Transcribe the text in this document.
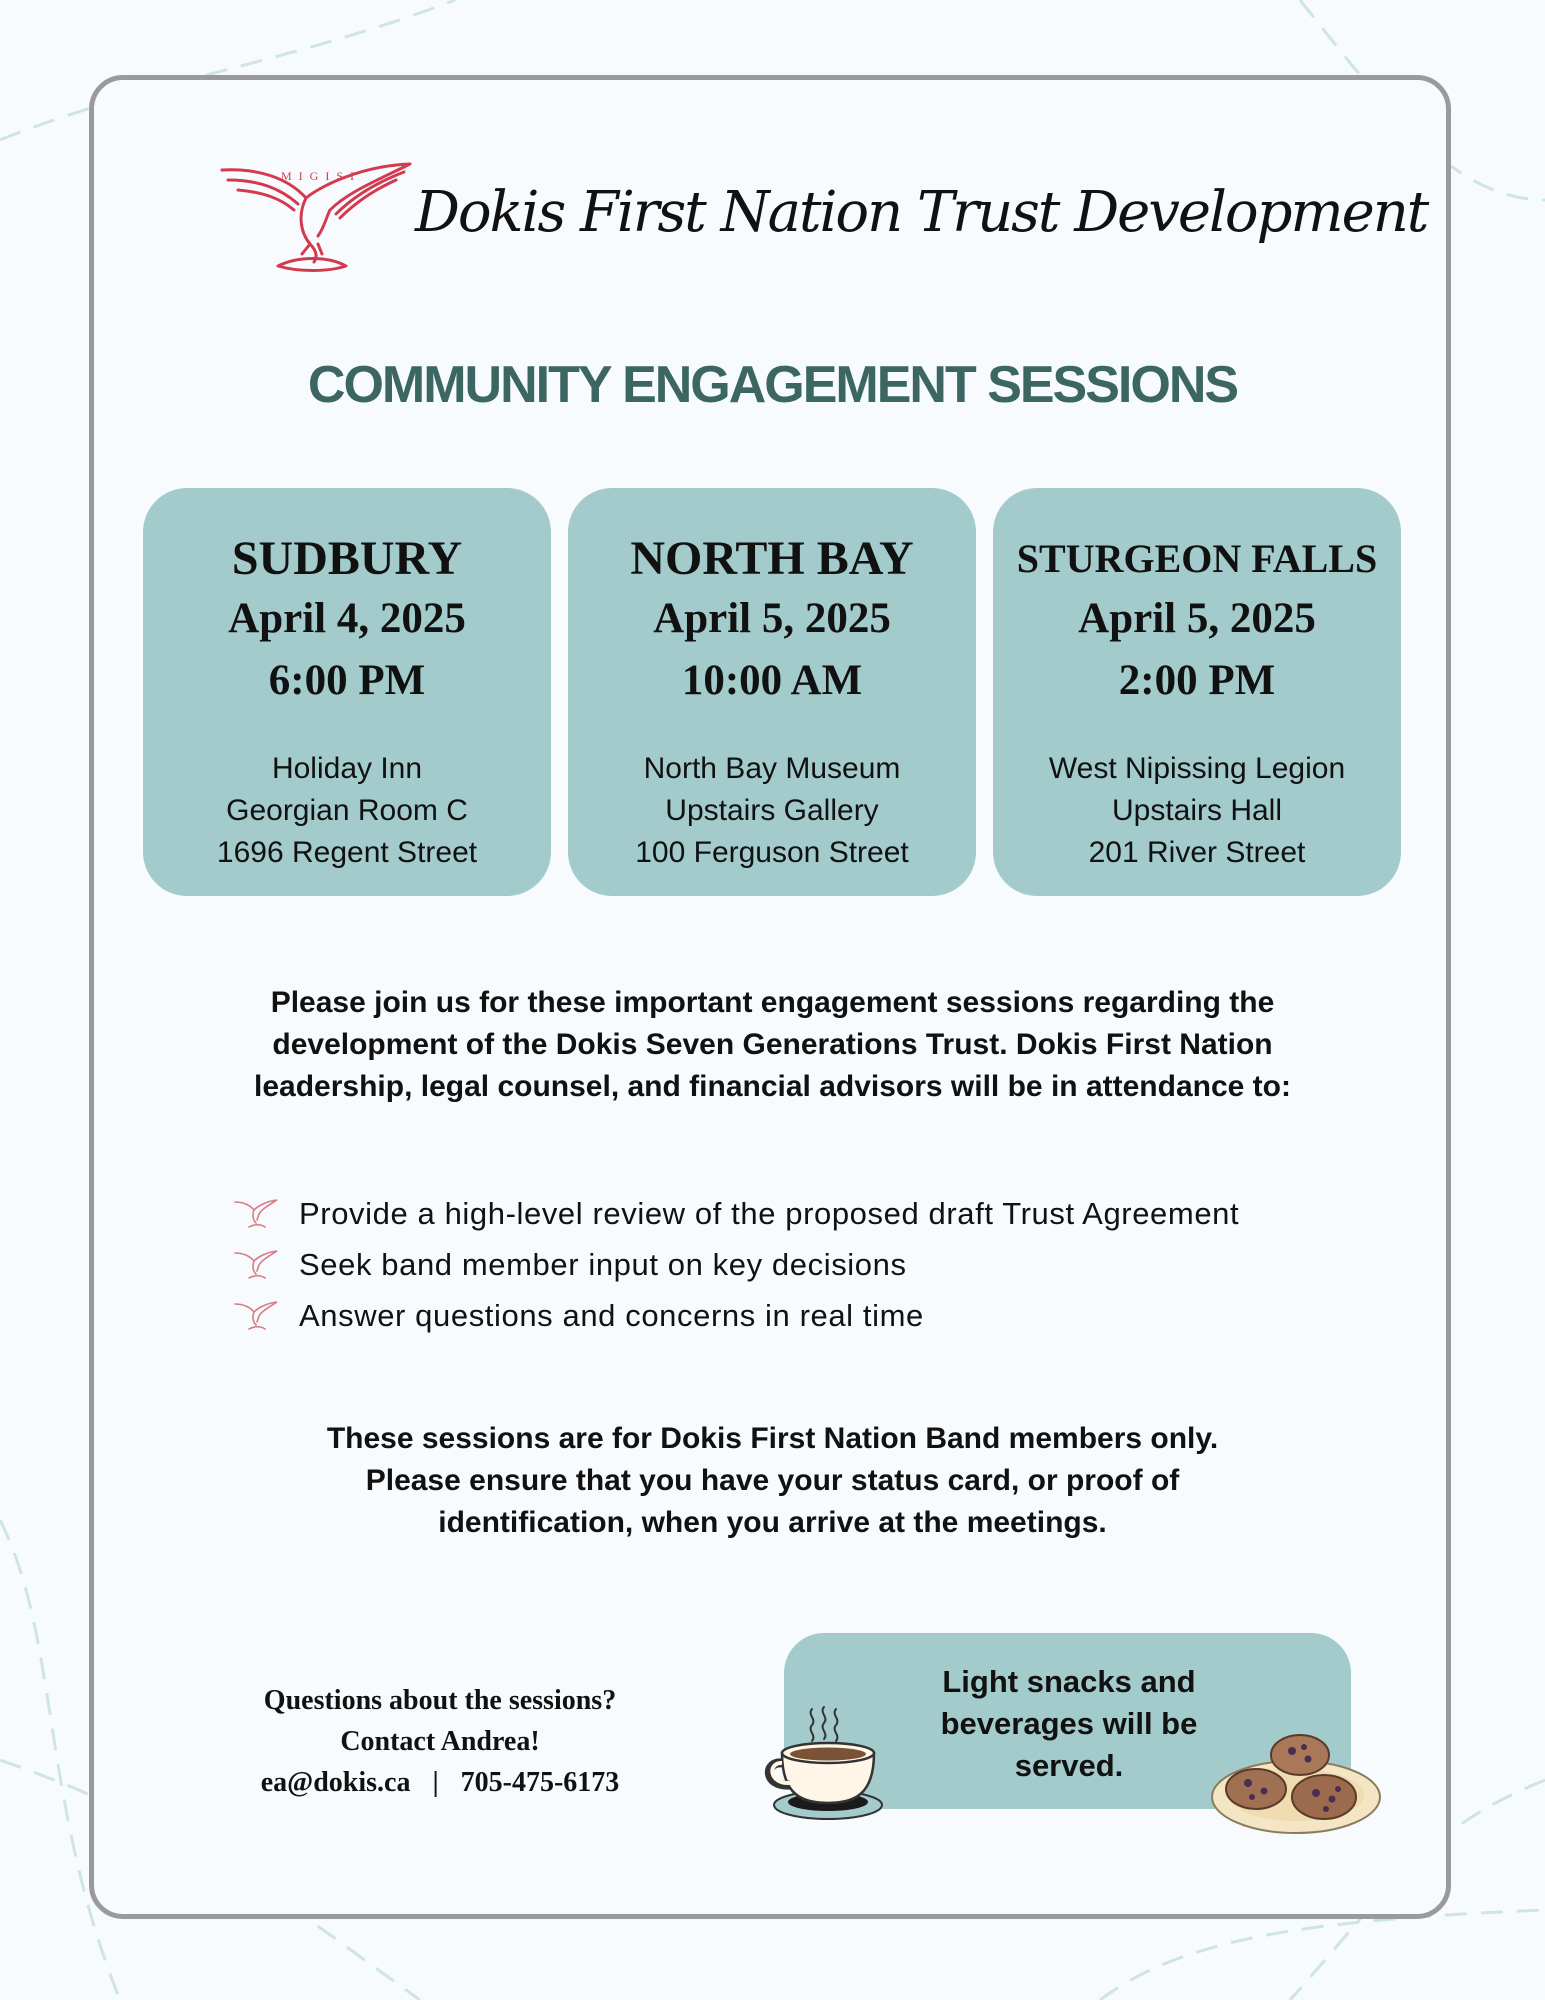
MIGISI
Dokis First Nation Trust Development
COMMUNITY ENGAGEMENT SESSIONS
SUDBURY
April 4, 2025
6:00 PM
Holiday Inn
Georgian Room C
1696 Regent Street
NORTH BAY
April 5, 2025
10:00 AM
North Bay Museum
Upstairs Gallery
100 Ferguson Street
STURGEON FALLS
April 5, 2025
2:00 PM
West Nipissing Legion
Upstairs Hall
201 River Street
Please join us for these important engagement sessions regarding the
development of the Dokis Seven Generations Trust. Dokis First Nation
leadership, legal counsel, and financial advisors will be in attendance to:
Provide a high-level review of the proposed draft Trust Agreement
Seek band member input on key decisions
Answer questions and concerns in real time
These sessions are for Dokis First Nation Band members only.
Please ensure that you have your status card, or proof of
identification, when you arrive at the meetings.
Questions about the sessions?
Contact Andrea!
ea@dokis.ca | 705-475-6173
Light snacks and
beverages will be
served.
